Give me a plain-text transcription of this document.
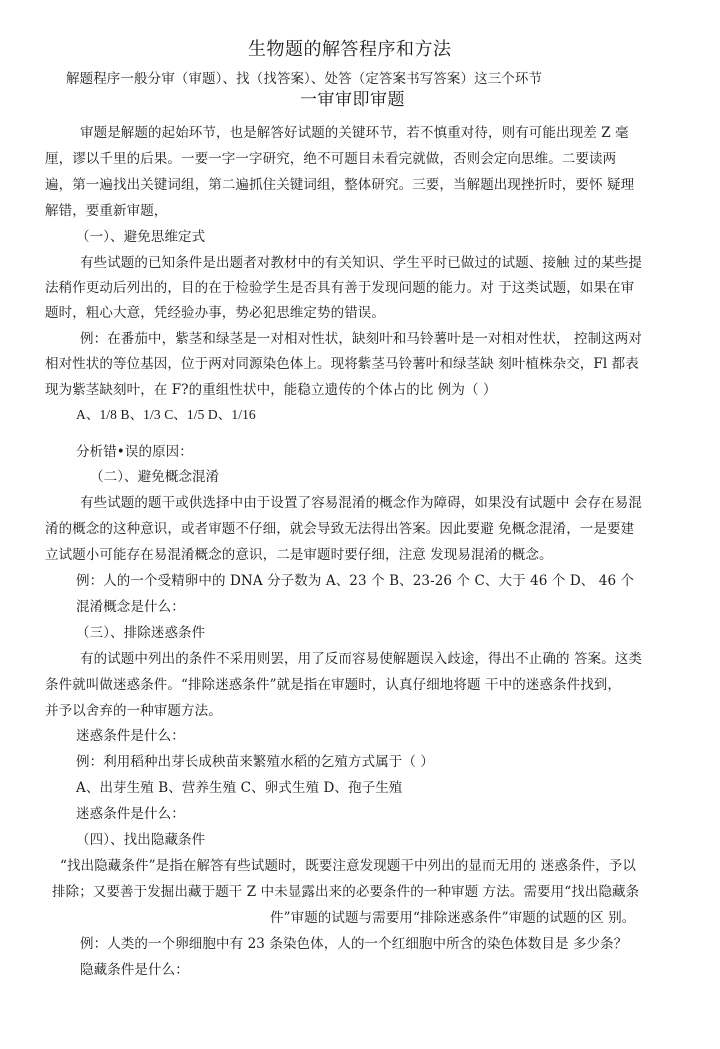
生物题的解答程序和方法
解题程序一般分审（审题）、找（找答案）、处答（定答案书写答案）这三个环节
一审审即审题
审题是解题的起始环节，也是解答好试题的关键环节，若不慎重对待，则有可能出现差 Z 毫
厘，谬以千里的后果。一要一字一字研究，绝不可题目未看完就做，否则会定向思维。二要读两
遍，第一遍找出关键词组，第二遍抓住关键词组，整体研究。三要，当解题出现挫折时，要怀 疑理
解错，要重新审题，
（一）、避免思维定式
有些试题的已知条件是出题者对教材中的有关知识、学生平时已做过的试题、接触 过的某些提
法稍作更动后列出的，目的在于检验学生是否具有善于发现问题的能力。对 于这类试题，如果在审
题时，粗心大意，凭经验办事，势必犯思维定势的错误。
例：在番茄中，紫茎和绿茎是一对相对性状，缺刻叶和马铃薯叶是一对相对性状， 控制这两对
相对性状的等位基因，位于两对同源染色体上。现将紫茎马铃薯叶和绿茎缺 刻叶植株杂交，Fl 都表
现为紫茎缺刻叶，在 F?的重组性状中，能稳立遗传的个体占的比 例为（ ）
A、1/8 B、1/3 C、1/5 D、1/16
分析错•误的原因：
（二）、避免概念混淆
有些试题的题干或供选择中由于设置了容易混淆的概念作为障碍，如果没有试题中 会存在易混
淆的概念的这种意识，或者审题不仔细，就会导致无法得出答案。因此要避 免概念混淆，一是要建
立试题小可能存在易混淆概念的意识，二是审题时要仔细，注意 发现易混淆的概念。
例：人的一个受精卵中的 DNA 分子数为 A、23 个 B、23-26 个 C、大于 46 个 D、 46 个
混淆概念是什么：
（三）、排除迷惑条件
有的试题中列出的条件不采用则罢，用了反而容易使解题误入歧途，得出不止确的 答案。这类
条件就叫做迷惑条件。“排除迷惑条件”就是指在审题时，认真仔细地将题 干中的迷惑条件找到，
并予以舍弃的一种审题方法。
迷惑条件是什么：
例：利用稻种出芽长成秧苗来繁殖水稻的乞殖方式属于（ ）
A、出芽生殖 B、营养生殖 C、卵式生殖 D、孢子生殖
迷惑条件是什么：
（四）、找出隐藏条件
“找出隐藏条件”是指在解答有些试题时，既要注意发现题干中列出的显而无用的 迷惑条件，予以
排除；又要善于发掘出藏于题干 Z 中未显露出来的必要条件的一种审题 方法。需要用“找出隐藏条
件”审题的试题与需要用“排除迷惑条件”审题的试题的区 别。
例：人类的一个卵细胞中有 23 条染色体，人的一个红细胞中所含的染色体数目是 多少条？
隐藏条件是什么：
